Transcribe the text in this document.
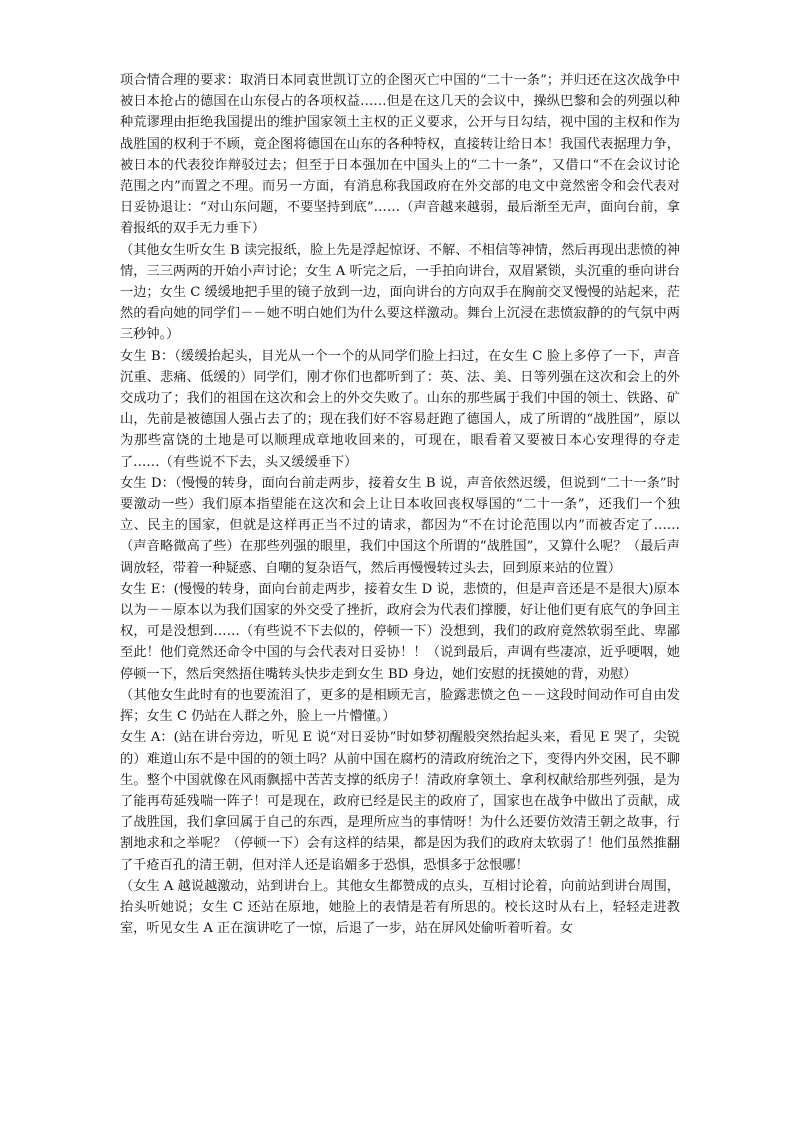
项合情合理的要求：取消日本同袁世凯订立的企图灭亡中国的“二十一条”；并归还在这次战争中被日本抢占的德国在山东侵占的各项权益……但是在这几天的会议中，操纵巴黎和会的列强以种种荒谬理由拒绝我国提出的维护国家领土主权的正义要求，公开与日勾结，视中国的主权和作为战胜国的权利于不顾，竟企图将德国在山东的各种特权，直接转让给日本！我国代表据理力争，被日本的代表狡诈辩驳过去；但至于日本强加在中国头上的“二十一条”，又借口“不在会议讨论范围之内”而置之不理。而另一方面，有消息称我国政府在外交部的电文中竟然密令和会代表对日妥协退让：“对山东问题，不要坚持到底”……（声音越来越弱，最后渐至无声，面向台前，拿着报纸的双手无力垂下）

（其他女生听女生 B 读完报纸，脸上先是浮起惊讶、不解、不相信等神情，然后再现出悲愤的神情，三三两两的开始小声讨论；女生 A 听完之后，一手拍向讲台，双眉紧锁，头沉重的垂向讲台一边；女生 C 缓缓地把手里的镜子放到一边，面向讲台的方向双手在胸前交叉慢慢的站起来，茫然的看向她的同学们－－她不明白她们为什么要这样激动。舞台上沉浸在悲愤寂静的的气氛中两三秒钟。）

女生 B：（缓缓抬起头，目光从一个一个的从同学们脸上扫过，在女生 C 脸上多停了一下，声音沉重、悲痛、低缓的）同学们，刚才你们也都听到了：英、法、美、日等列强在这次和会上的外交成功了；我们的祖国在这次和会上的外交失败了。山东的那些属于我们中国的领土、铁路、矿山，先前是被德国人强占去了的；现在我们好不容易赶跑了德国人，成了所谓的“战胜国”，原以为那些富饶的土地是可以顺理成章地收回来的，可现在，眼看着又要被日本心安理得的夺走了……（有些说不下去，头又缓缓垂下）

女生 D：（慢慢的转身，面向台前走两步，接着女生 B 说，声音依然迟缓，但说到“二十一条”时要激动一些）我们原本指望能在这次和会上让日本收回丧权辱国的“二十一条”，还我们一个独立、民主的国家，但就是这样再正当不过的请求，都因为“不在讨论范围以内”而被否定了……（声音略微高了些）在那些列强的眼里，我们中国这个所谓的“战胜国”，又算什么呢？（最后声调放轻，带着一种疑惑、自嘲的复杂语气，然后再慢慢转过头去，回到原来站的位置）

女生 E：(慢慢的转身，面向台前走两步，接着女生 D 说，悲愤的，但是声音还是不是很大)原本以为－－原本以为我们国家的外交受了挫折，政府会为代表们撑腰，好让他们更有底气的争回主权，可是没想到……（有些说不下去似的，停顿一下）没想到，我们的政府竟然软弱至此、卑鄙至此！他们竟然还命令中国的与会代表对日妥协！！（说到最后，声调有些凄凉，近乎哽咽，她停顿一下，然后突然捂住嘴转头快步走到女生 BD 身边，她们安慰的抚摸她的背，劝慰）

（其他女生此时有的也要流泪了，更多的是相顾无言，脸露悲愤之色－－这段时间动作可自由发挥；女生 C 仍站在人群之外，脸上一片懵懂。）

女生 A：(站在讲台旁边，听见 E 说“对日妥协”时如梦初醒般突然抬起头来，看见 E 哭了，尖锐的）难道山东不是中国的的领土吗？从前中国在腐朽的清政府统治之下，变得内外交困，民不聊生。整个中国就像在风雨飘摇中苦苦支撑的纸房子！清政府拿领土、拿利权献给那些列强，是为了能再苟延残喘一阵子！可是现在，政府已经是民主的政府了，国家也在战争中做出了贡献，成了战胜国，我们拿回属于自己的东西，是理所应当的事情呀！为什么还要仿效清王朝之故事，行割地求和之举呢？（停顿一下）会有这样的结果，都是因为我们的政府太软弱了！他们虽然推翻了千疮百孔的清王朝，但对洋人还是谄媚多于恐惧，恐惧多于忿恨哪！

（女生 A 越说越激动，站到讲台上。其他女生都赞成的点头，互相讨论着，向前站到讲台周围，抬头听她说；女生 C 还站在原地，她脸上的表情是若有所思的。校长这时从右上，轻轻走进教室，听见女生 A 正在演讲吃了一惊，后退了一步，站在屏风处偷听着听着。女
